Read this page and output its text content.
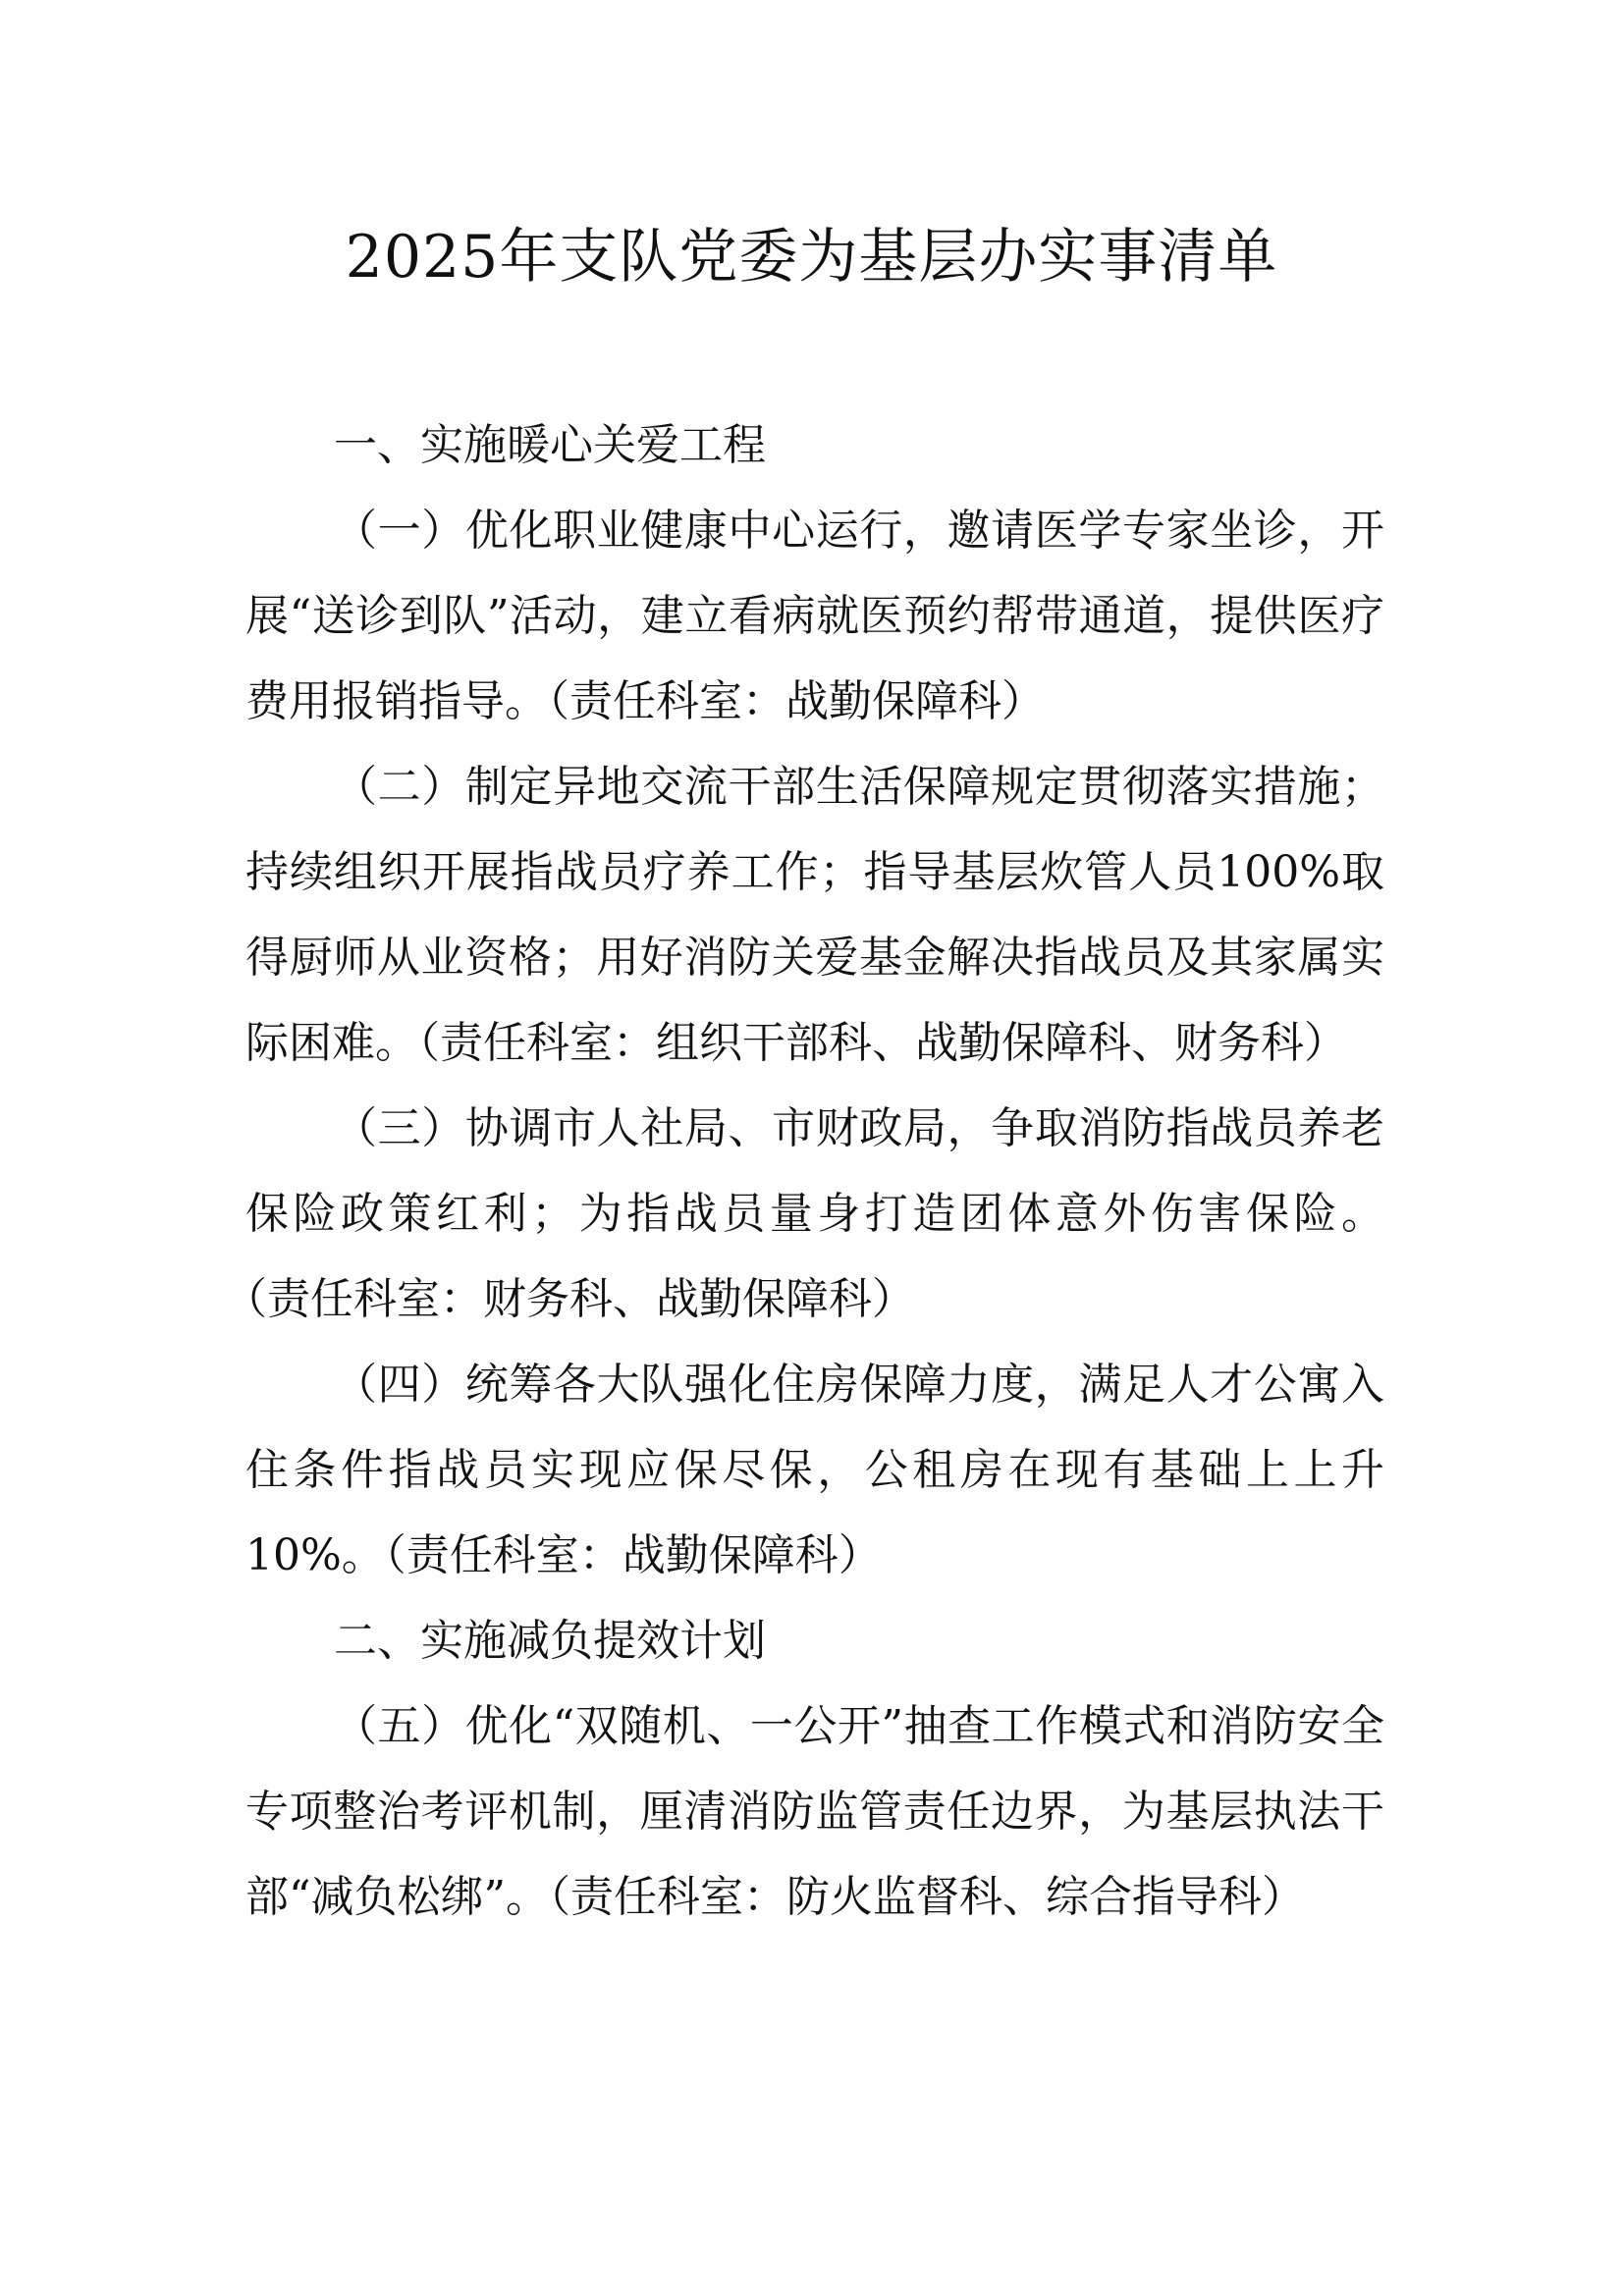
2025年支队党委为基层办实事清单

一、实施暖心关爱工程

（一）优化职业健康中心运行，邀请医学专家坐诊，开展“送诊到队”活动，建立看病就医预约帮带通道，提供医疗费用报销指导。（责任科室：战勤保障科）

（二）制定异地交流干部生活保障规定贯彻落实措施；持续组织开展指战员疗养工作；指导基层炊管人员100%取得厨师从业资格；用好消防关爱基金解决指战员及其家属实际困难。（责任科室：组织干部科、战勤保障科、财务科）

（三）协调市人社局、市财政局，争取消防指战员养老保险政策红利；为指战员量身打造团体意外伤害保险。（责任科室：财务科、战勤保障科）

（四）统筹各大队强化住房保障力度，满足人才公寓入住条件指战员实现应保尽保，公租房在现有基础上上升10%。（责任科室：战勤保障科）

二、实施减负提效计划

（五）优化“双随机、一公开”抽查工作模式和消防安全专项整治考评机制，厘清消防监管责任边界，为基层执法干部“减负松绑”。（责任科室：防火监督科、综合指导科）
